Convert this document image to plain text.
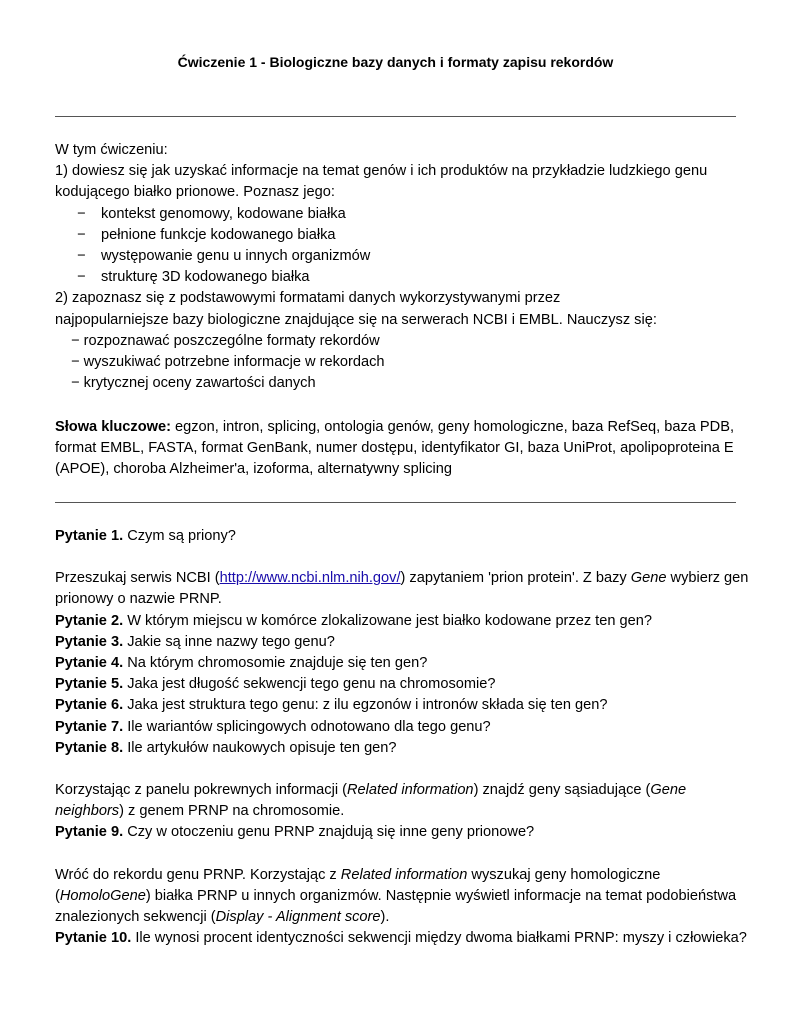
Ćwiczenie 1 - Biologiczne bazy danych i formaty zapisu rekordów
W tym ćwiczeniu:
1) dowiesz się jak uzyskać informacje na temat genów i ich produktów na przykładzie ludzkiego genu
kodującego białko prionowe. Poznasz jego:
− kontekst genomowy, kodowane białka
− pełnione funkcje kodowanego białka
− występowanie genu u innych organizmów
− strukturę 3D kodowanego białka
2) zapoznasz się z podstawowymi formatami danych wykorzystywanymi przez
najpopularniejsze bazy biologiczne znajdujące się na serwerach NCBI i EMBL. Nauczysz się:
− rozpoznawać poszczególne formaty rekordów
− wyszukiwać potrzebne informacje w rekordach
− krytycznej oceny zawartości danych
Słowa kluczowe: egzon, intron, splicing, ontologia genów, geny homologiczne, baza RefSeq, baza PDB,
format EMBL, FASTA, format GenBank, numer dostępu, identyfikator GI, baza UniProt, apolipoproteina E
(APOE), choroba Alzheimer'a, izoforma, alternatywny splicing
Pytanie 1. Czym są priony?
Przeszukaj serwis NCBI (http://www.ncbi.nlm.nih.gov/) zapytaniem 'prion protein'. Z bazy Gene wybierz gen
prionowy o nazwie PRNP.
Pytanie 2. W którym miejscu w komórce zlokalizowane jest białko kodowane przez ten gen?
Pytanie 3. Jakie są inne nazwy tego genu?
Pytanie 4. Na którym chromosomie znajduje się ten gen?
Pytanie 5. Jaka jest długość sekwencji tego genu na chromosomie?
Pytanie 6. Jaka jest struktura tego genu: z ilu egzonów i intronów składa się ten gen?
Pytanie 7. Ile wariantów splicingowych odnotowano dla tego genu?
Pytanie 8. Ile artykułów naukowych opisuje ten gen?
Korzystając z panelu pokrewnych informacji (Related information) znajdź geny sąsiadujące (Gene
neighbors) z genem PRNP na chromosomie.
Pytanie 9. Czy w otoczeniu genu PRNP znajdują się inne geny prionowe?
Wróć do rekordu genu PRNP. Korzystając z Related information wyszukaj geny homologiczne
(HomoloGene) białka PRNP u innych organizmów. Następnie wyświetl informacje na temat podobieństwa
znalezionych sekwencji (Display - Alignment score).
Pytanie 10. Ile wynosi procent identyczności sekwencji między dwoma białkami PRNP: myszy i człowieka?
